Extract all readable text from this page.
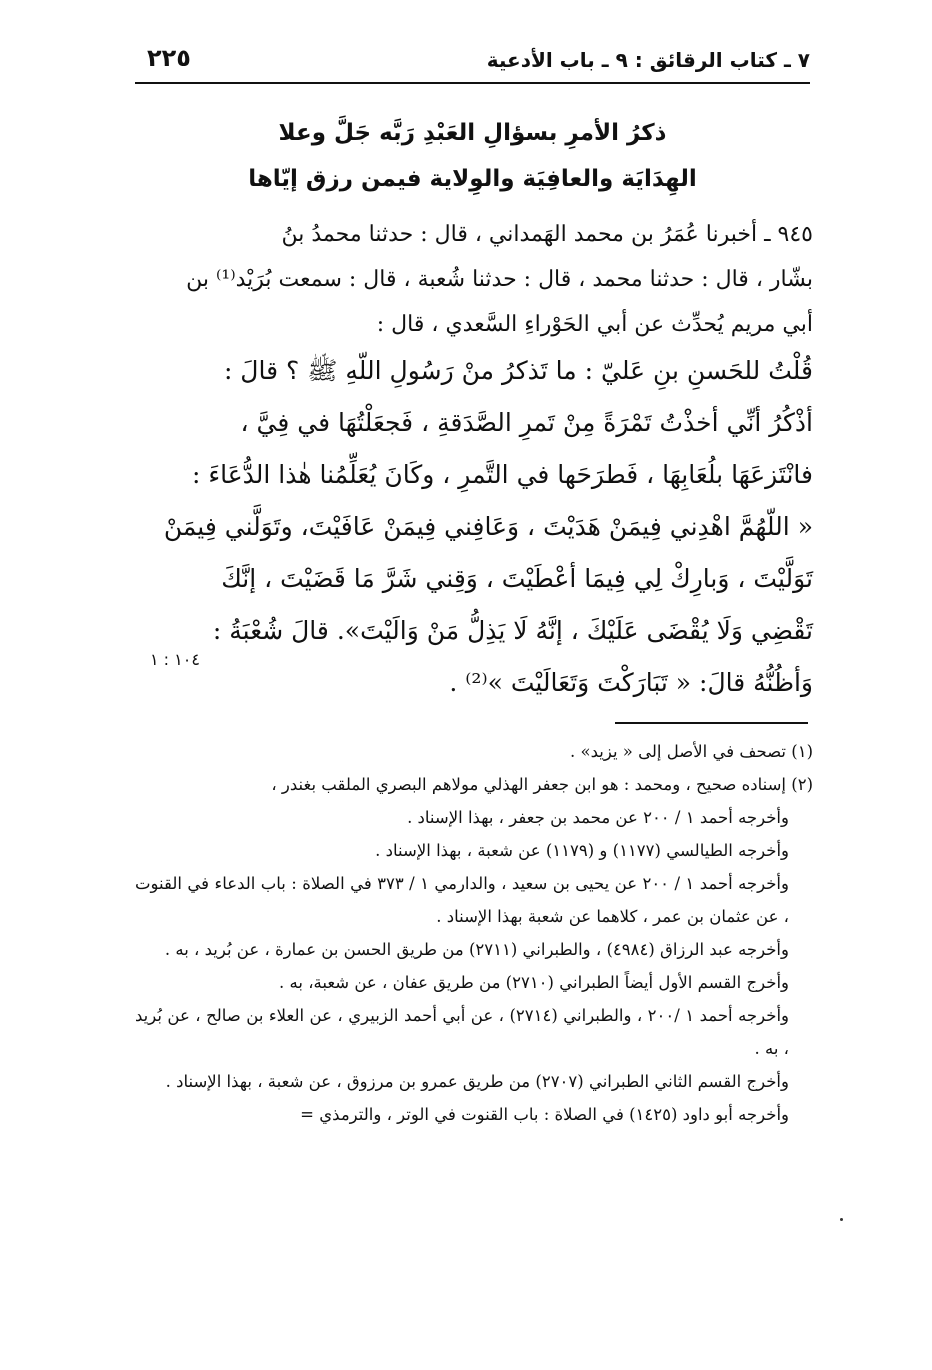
٧ ـ كتاب الرقائق : ٩ ـ باب الأدعية
٢٢٥
ذكرُ الأمرِ بسؤالِ العَبْدِ رَبَّه جَلَّ وعلا
الهِدَايَة والعافِيَة والوِلاية فيمن رزق إيّاها
٩٤٥ ـ أخبرنا عُمَرُ بن محمد الهَمداني ، قال : حدثنا محمدُ بنُ
بشّار ، قال : حدثنا محمد ، قال : حدثنا شُعبة ، قال : سمعت بُرَيْد⁽¹⁾ بن
أبي مريم يُحدِّث عن أبي الحَوْراءِ السَّعدي ، قال :
قُلْتُ للحَسنِ بنِ عَليّ : ما تَذكرُ منْ رَسُولِ اللّهِ ﷺ ؟ قالَ :
أذْكُرُ أنِّي أخذْتُ تَمْرَةً مِنْ تَمرِ الصَّدَقةِ ، فَجعَلْتُهَا في فِيَّ ،
فانْتَزعَهَا بلُعَابِهَا ، فَطرَحَها في التَّمرِ ، وكَانَ يُعَلِّمُنا هٰذا الدُّعَاءَ :
« اللّهُمَّ اهْدِني فِيمَنْ هَدَيْتَ ، وَعَافِني فِيمَنْ عَافَيْتَ، وتَوَلَّني فِيمَنْ
تَوَلَّيْتَ ، وَبارِكْ لِي فِيمَا أعْطَيْتَ ، وَقِني شَرَّ مَا قَضَيْتَ ، إنَّكَ
تَقْضِي وَلَا يُقْضَى عَلَيْكَ ، إنَّهُ لَا يَذِلُّ مَنْ وَالَيْتَ». قالَ شُعْبَةُ :
وَأظُنُّهُ قالَ: « تَبَارَكْتَ وَتَعَالَيْتَ »⁽²⁾ .
١٠٤ : ١
(١) تصحف في الأصل إلى « يزيد» .
(٢) إسناده صحيح ، ومحمد : هو ابن جعفر الهذلي مولاهم البصري الملقب بغندر ،
وأخرجه أحمد ١ / ٢٠٠ عن محمد بن جعفر ، بهذا الإسناد .
وأخرجه الطيالسي (١١٧٧) و (١١٧٩) عن شعبة ، بهذا الإسناد .
وأخرجه أحمد ١ / ٢٠٠ عن يحيى بن سعيد ، والدارمي ١ / ٣٧٣ في الصلاة : باب الدعاء في القنوت ، عن عثمان بن عمر ، كلاهما عن شعبة بهذا الإسناد .
وأخرجه عبد الرزاق (٤٩٨٤) ، والطبراني (٢٧١١) من طريق الحسن بن عمارة ، عن بُريد ، به .
وأخرج القسم الأول أيضاً الطبراني (٢٧١٠) من طريق عفان ، عن شعبة، به .
وأخرجه أحمد ١ /٢٠٠ ، والطبراني (٢٧١٤) ، عن أبي أحمد الزبيري ، عن العلاء بن صالح ، عن بُريد ، به .
وأخرج القسم الثاني الطبراني (٢٧٠٧) من طريق عمرو بن مرزوق ، عن شعبة ، بهذا الإسناد .
وأخرجه أبو داود (١٤٢٥) في الصلاة : باب القنوت في الوتر ، والترمذي =
